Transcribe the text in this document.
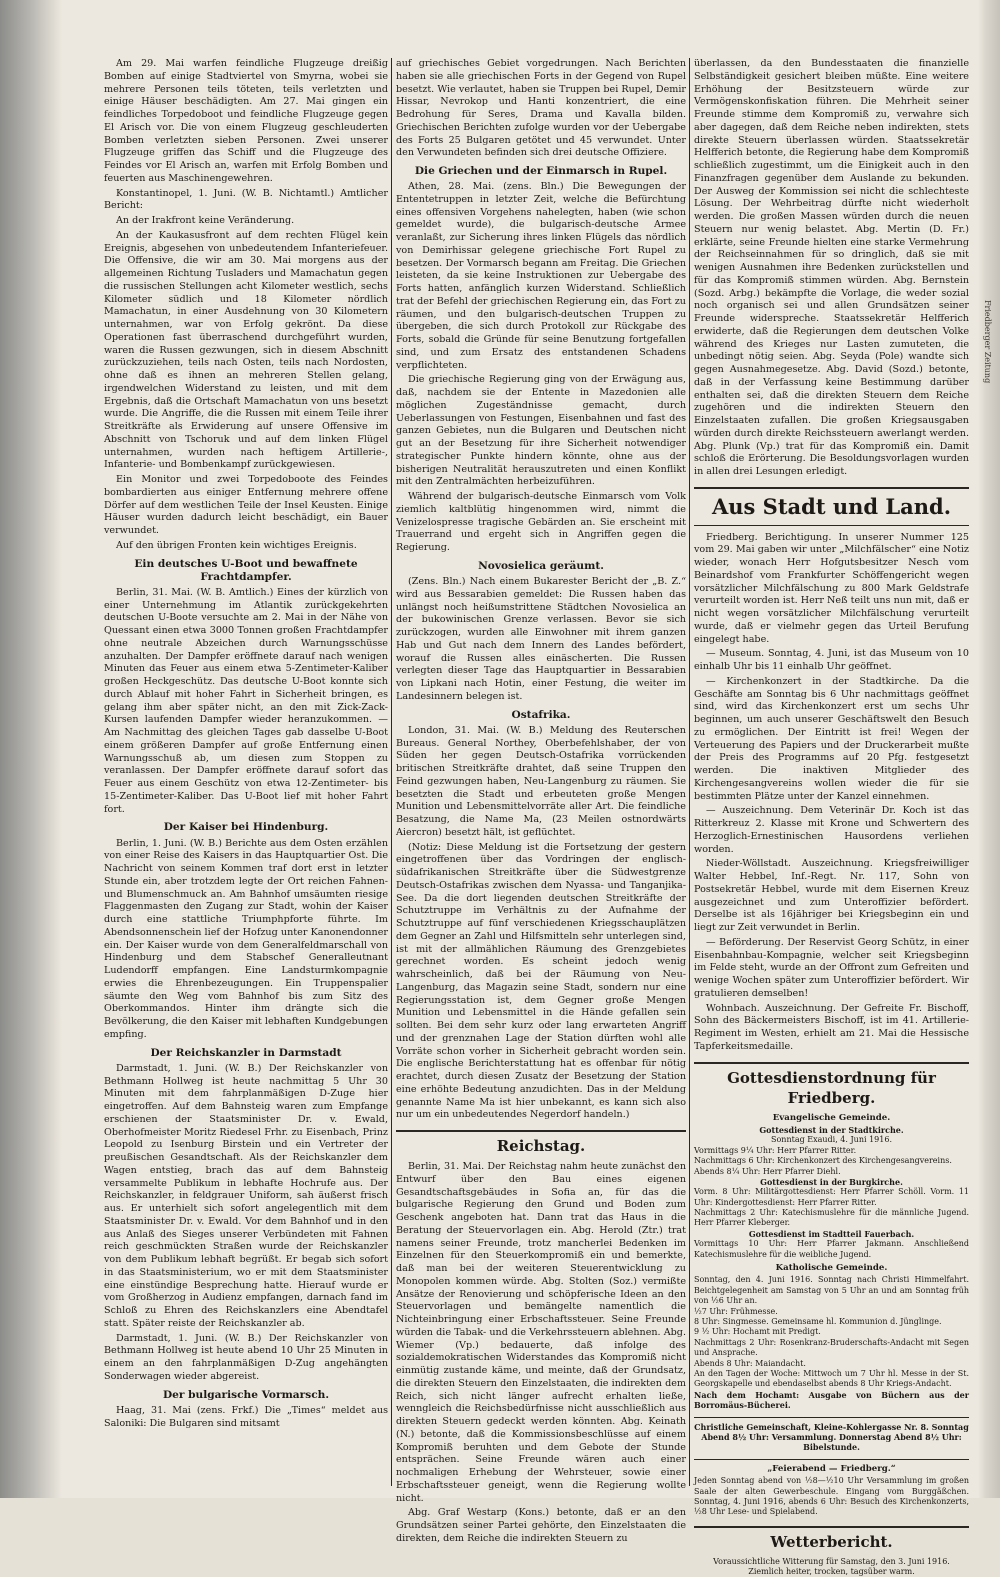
Am 29. Mai warfen feindliche Flugzeuge dreißig Bomben auf einige Stadtviertel von Smyrna, wobei sie mehrere Personen teils töteten, teils verletzten und einige Häuser beschädigten. Am 27. Mai gingen ein feindliches Torpedoboot und feindliche Flugzeuge gegen El Arisch vor. Die von einem Flugzeug geschleuderten Bomben verletzten sieben Personen. Zwei unserer Flugzeuge griffen das Schiff und die Flugzeuge des Feindes vor El Arisch an, warfen mit Erfolg Bomben und feuerten aus Maschinengewehren.

Konstantinopel, 1. Juni. (W. B. Nichtamtl.) Amtlicher Bericht:

An der Irakfront keine Veränderung.

An der Kaukasusfront auf dem rechten Flügel kein Ereignis, abgesehen von unbedeutendem Infanteriefeuer. Die Offensive, die wir am 30. Mai morgens aus der allgemeinen Richtung Tusladers und Mamachatun gegen die russischen Stellungen acht Kilometer westlich, sechs Kilometer südlich und 18 Kilometer nördlich Mamachatun, in einer Ausdehnung von 30 Kilometern unternahmen, war von Erfolg gekrönt. Da diese Operationen fast überraschend durchgeführt wurden, waren die Russen gezwungen, sich in diesem Abschnitt zurückzuziehen, teils nach Osten, teils nach Nordosten, ohne daß es ihnen an mehreren Stellen gelang, irgendwelchen Widerstand zu leisten, und mit dem Ergebnis, daß die Ortschaft Mamachatun von uns besetzt wurde. Die Angriffe, die die Russen mit einem Teile ihrer Streitkräfte als Erwiderung auf unsere Offensive im Abschnitt von Tschoruk und auf dem linken Flügel unternahmen, wurden nach heftigem Artillerie-, Infanterie- und Bombenkampf zurückgewiesen.

Ein Monitor und zwei Torpedoboote des Feindes bombardierten aus einiger Entfernung mehrere offene Dörfer auf dem westlichen Teile der Insel Keusten. Einige Häuser wurden dadurch leicht beschädigt, ein Bauer verwundet.

Auf den übrigen Fronten kein wichtiges Ereignis.

Ein deutsches U-Boot und bewaffnete Frachtdampfer.

Berlin, 31. Mai. (W. B. Amtlich.) Eines der kürzlich von einer Unternehmung im Atlantik zurückgekehrten deutschen U-Boote versuchte am 2. Mai in der Nähe von Quessant einen etwa 3000 Tonnen großen Frachtdampfer ohne neutrale Abzeichen durch Warnungsschüsse anzuhalten. Der Dampfer eröffnete darauf nach wenigen Minuten das Feuer aus einem etwa 5-Zentimeter-Kaliber großen Heckgeschütz. Das deutsche U-Boot konnte sich durch Ablauf mit hoher Fahrt in Sicherheit bringen, es gelang ihm aber später nicht, an den mit Zick-Zack-Kursen laufenden Dampfer wieder heranzukommen. — Am Nachmittag des gleichen Tages gab dasselbe U-Boot einem größeren Dampfer auf große Entfernung einen Warnungsschuß ab, um diesen zum Stoppen zu veranlassen. Der Dampfer eröffnete darauf sofort das Feuer aus einem Geschütz von etwa 12-Zentimeter- bis 15-Zentimeter-Kaliber. Das U-Boot lief mit hoher Fahrt fort.

Der Kaiser bei Hindenburg.

Berlin, 1. Juni. (W. B.) Berichte aus dem Osten erzählen von einer Reise des Kaisers in das Hauptquartier Ost. Die Nachricht von seinem Kommen traf dort erst in letzter Stunde ein, aber trotzdem legte der Ort reichen Fahnen- und Blumenschmuck an. Am Bahnhof umsäumten riesige Flaggenmasten den Zugang zur Stadt, wohin der Kaiser durch eine stattliche Triumphpforte führte. Im Abendsonnenschein lief der Hofzug unter Kanonendonner ein. Der Kaiser wurde von dem Generalfeldmarschall von Hindenburg und dem Stabschef Generalleutnant Ludendorff empfangen. Eine Landsturmkompagnie erwies die Ehrenbezeugungen. Ein Truppenspalier säumte den Weg vom Bahnhof bis zum Sitz des Oberkommandos. Hinter ihm drängte sich die Bevölkerung, die den Kaiser mit lebhaften Kundgebungen empfing.

Der Reichskanzler in Darmstadt

Darmstadt, 1. Juni. (W. B.) Der Reichskanzler von Bethmann Hollweg ist heute nachmittag 5 Uhr 30 Minuten mit dem fahrplanmäßigen D-Zuge hier eingetroffen. Auf dem Bahnsteig waren zum Empfange erschienen der Staatsminister Dr. v. Ewald, Oberhofmeister Moritz Riedesel Frhr. zu Eisenbach, Prinz Leopold zu Isenburg Birstein und ein Vertreter der preußischen Gesandtschaft. Als der Reichskanzler dem Wagen entstieg, brach das auf dem Bahnsteig versammelte Publikum in lebhafte Hochrufe aus. Der Reichskanzler, in feldgrauer Uniform, sah äußerst frisch aus. Er unterhielt sich sofort angelegentlich mit dem Staatsminister Dr. v. Ewald. Vor dem Bahnhof und in den aus Anlaß des Sieges unserer Verbündeten mit Fahnen reich geschmückten Straßen wurde der Reichskanzler von dem Publikum lebhaft begrüßt. Er begab sich sofort in das Staatsministerium, wo er mit dem Staatsminister eine einstündige Besprechung hatte. Hierauf wurde er vom Großherzog in Audienz empfangen, darnach fand im Schloß zu Ehren des Reichskanzlers eine Abendtafel statt. Später reiste der Reichskanzler ab.

Darmstadt, 1. Juni. (W. B.) Der Reichskanzler von Bethmann Hollweg ist heute abend 10 Uhr 25 Minuten in einem an den fahrplanmäßigen D-Zug angehängten Sonderwagen wieder abgereist.

Der bulgarische Vormarsch.

Haag, 31. Mai (zens. Frkf.) Die „Times“ meldet aus Saloniki: Die Bulgaren sind mitsamt

auf griechisches Gebiet vorgedrungen. Nach Berichten haben sie alle griechischen Forts in der Gegend von Rupel besetzt. Wie verlautet, haben sie Truppen bei Rupel, Demir Hissar, Nevrokop und Hanti konzentriert, die eine Bedrohung für Seres, Drama und Kavalla bilden. Griechischen Berichten zufolge wurden vor der Uebergabe des Forts 25 Bulgaren getötet und 45 verwundet. Unter den Verwundeten befinden sich drei deutsche Offiziere.

Die Griechen und der Einmarsch in Rupel.

Athen, 28. Mai. (zens. Bln.) Die Bewegungen der Ententetruppen in letzter Zeit, welche die Befürchtung eines offensiven Vorgehens nahelegten, haben (wie schon gemeldet wurde), die bulgarisch-deutsche Armee veranlaßt, zur Sicherung ihres linken Flügels das nördlich von Demirhissar gelegene griechische Fort Rupel zu besetzen. Der Vormarsch begann am Freitag. Die Griechen leisteten, da sie keine Instruktionen zur Uebergabe des Forts hatten, anfänglich kurzen Widerstand. Schließlich trat der Befehl der griechischen Regierung ein, das Fort zu räumen, und den bulgarisch-deutschen Truppen zu übergeben, die sich durch Protokoll zur Rückgabe des Forts, sobald die Gründe für seine Benutzung fortgefallen sind, und zum Ersatz des entstandenen Schadens verpflichteten.

Die griechische Regierung ging von der Erwägung aus, daß, nachdem sie der Entente in Mazedonien alle möglichen Zugeständnisse gemacht, durch Ueberlassungen von Festungen, Eisenbahnen und fast des ganzen Gebietes, nun die Bulgaren und Deutschen nicht gut an der Besetzung für ihre Sicherheit notwendiger strategischer Punkte hindern könnte, ohne aus der bisherigen Neutralität herauszutreten und einen Konflikt mit den Zentralmächten herbeizuführen.

Während der bulgarisch-deutsche Einmarsch vom Volk ziemlich kaltblütig hingenommen wird, nimmt die Venizelospresse tragische Gebärden an. Sie erscheint mit Trauerrand und ergeht sich in Angriffen gegen die Regierung.

Novosielica geräumt.

(Zens. Bln.) Nach einem Bukarester Bericht der „B. Z.“ wird aus Bessarabien gemeldet: Die Russen haben das unlängst noch heißumstrittene Städtchen Novosielica an der bukowinischen Grenze verlassen. Bevor sie sich zurückzogen, wurden alle Einwohner mit ihrem ganzen Hab und Gut nach dem Innern des Landes befördert, worauf die Russen alles einäscherten. Die Russen verlegten dieser Tage das Hauptquartier in Bessarabien von Lipkani nach Hotin, einer Festung, die weiter im Landesinnern belegen ist.

Ostafrika.

London, 31. Mai. (W. B.) Meldung des Reuterschen Bureaus. General Northey, Oberbefehlshaber, der von Süden her gegen Deutsch-Ostafrika vorrückenden britischen Streitkräfte drahtet, daß seine Truppen den Feind gezwungen haben, Neu-Langenburg zu räumen. Sie besetzten die Stadt und erbeuteten große Mengen Munition und Lebensmittelvorräte aller Art. Die feindliche Besatzung, die Name Ma, (23 Meilen ostnordwärts Aiercron) besetzt hält, ist geflüchtet.

(Notiz: Diese Meldung ist die Fortsetzung der gestern eingetroffenen über das Vordringen der englisch-südafrikanischen Streitkräfte über die Südwestgrenze Deutsch-Ostafrikas zwischen dem Nyassa- und Tanganjika-See. Da die dort liegenden deutschen Streitkräfte der Schutztruppe im Verhältnis zu der Aufnahme der Schutztruppe auf fünf verschiedenen Kriegsschauplätzen dem Gegner an Zahl und Hilfsmitteln sehr unterlegen sind, ist mit der allmählichen Räumung des Grenzgebietes gerechnet worden. Es scheint jedoch wenig wahrscheinlich, daß bei der Räumung von Neu-Langenburg, das Magazin seine Stadt, sondern nur eine Regierungsstation ist, dem Gegner große Mengen Munition und Lebensmittel in die Hände gefallen sein sollten. Bei dem sehr kurz oder lang erwarteten Angriff und der grenznahen Lage der Station dürften wohl alle Vorräte schon vorher in Sicherheit gebracht worden sein. Die englische Berichterstattung hat es offenbar für nötig erachtet, durch diesen Zusatz der Besetzung der Station eine erhöhte Bedeutung anzudichten. Das in der Meldung genannte Name Ma ist hier unbekannt, es kann sich also nur um ein unbedeutendes Negerdorf handeln.)

Reichstag.

Berlin, 31. Mai. Der Reichstag nahm heute zunächst den Entwurf über den Bau eines eigenen Gesandtschaftsgebäudes in Sofia an, für das die bulgarische Regierung den Grund und Boden zum Geschenk angeboten hat. Dann trat das Haus in die Beratung der Steuervorlagen ein. Abg. Herold (Ztr.) trat namens seiner Freunde, trotz mancherlei Bedenken im Einzelnen für den Steuerkompromiß ein und bemerkte, daß man bei der weiteren Steuerentwicklung zu Monopolen kommen würde. Abg. Stolten (Soz.) vermißte Ansätze der Renovierung und schöpferische Ideen an den Steuervorlagen und bemängelte namentlich die Nichteinbringung einer Erbschaftssteuer. Seine Freunde würden die Tabak- und die Verkehrssteuern ablehnen. Abg. Wiemer (Vp.) bedauerte, daß infolge des sozialdemokratischen Widerstandes das Kompromiß nicht einmütig zustande käme, und meinte, daß der Grundsatz, die direkten Steuern den Einzelstaaten, die indirekten dem Reich, sich nicht länger aufrecht erhalten ließe, wenngleich die Reichsbedürfnisse nicht ausschließlich aus direkten Steuern gedeckt werden könnten. Abg. Keinath (N.) betonte, daß die Kommissionsbeschlüsse auf einem Kompromiß beruhten und dem Gebote der Stunde entsprächen. Seine Freunde wären auch einer nochmaligen Erhebung der Wehrsteuer, sowie einer Erbschaftssteuer geneigt, wenn die Regierung wollte nicht.

Abg. Graf Westarp (Kons.) betonte, daß er an den Grundsätzen seiner Partei gehörte, den Einzelstaaten die direkten, dem Reiche die indirekten Steuern zu

überlassen, da den Bundesstaaten die finanzielle Selbständigkeit gesichert bleiben müßte. Eine weitere Erhöhung der Besitzsteuern würde zur Vermögenskonfiskation führen. Die Mehrheit seiner Freunde stimme dem Kompromiß zu, verwahre sich aber dagegen, daß dem Reiche neben indirekten, stets direkte Steuern überlassen würden. Staatssekretär Helfferich betonte, die Regierung habe dem Kompromiß schließlich zugestimmt, um die Einigkeit auch in den Finanzfragen gegenüber dem Auslande zu bekunden. Der Ausweg der Kommission sei nicht die schlechteste Lösung. Der Wehrbeitrag dürfte nicht wiederholt werden. Die großen Massen würden durch die neuen Steuern nur wenig belastet. Abg. Mertin (D. Fr.) erklärte, seine Freunde hielten eine starke Vermehrung der Reichseinnahmen für so dringlich, daß sie mit wenigen Ausnahmen ihre Bedenken zurückstellen und für das Kompromiß stimmen würden. Abg. Bernstein (Sozd. Arbg.) bekämpfte die Vorlage, die weder sozial noch organisch sei und allen Grundsätzen seiner Freunde widerspreche. Staatssekretär Helfferich erwiderte, daß die Regierungen dem deutschen Volke während des Krieges nur Lasten zumuteten, die unbedingt nötig seien. Abg. Seyda (Pole) wandte sich gegen Ausnahmegesetze. Abg. David (Sozd.) betonte, daß in der Verfassung keine Bestimmung darüber enthalten sei, daß die direkten Steuern dem Reiche zugehören und die indirekten Steuern den Einzelstaaten zufallen. Die großen Kriegsausgaben würden durch direkte Reichssteuern awerlangt werden. Abg. Plunk (Vp.) trat für das Kompromiß ein. Damit schloß die Erörterung. Die Besoldungsvorlagen wurden in allen drei Lesungen erledigt.

Aus Stadt und Land.

Friedberg. Berichtigung. In unserer Nummer 125 vom 29. Mai gaben wir unter „Milchfälscher“ eine Notiz wieder, wonach Herr Hofgutsbesitzer Nesch vom Beinardshof vom Frankfurter Schöffengericht wegen vorsätzlicher Milchfälschung zu 800 Mark Geldstrafe verurteilt worden ist. Herr Neß teilt uns nun mit, daß er nicht wegen vorsätzlicher Milchfälschung verurteilt wurde, daß er vielmehr gegen das Urteil Berufung eingelegt habe.

— Museum. Sonntag, 4. Juni, ist das Museum von 10 einhalb Uhr bis 11 einhalb Uhr geöffnet.

— Kirchenkonzert in der Stadtkirche. Da die Geschäfte am Sonntag bis 6 Uhr nachmittags geöffnet sind, wird das Kirchenkonzert erst um sechs Uhr beginnen, um auch unserer Geschäftswelt den Besuch zu ermöglichen. Der Eintritt ist frei! Wegen der Verteuerung des Papiers und der Druckerarbeit mußte der Preis des Programms auf 20 Pfg. festgesetzt werden. Die inaktiven Mitglieder des Kirchengesangvereins wollen wieder die für sie bestimmten Plätze unter der Kanzel einnehmen.

— Auszeichnung. Dem Veterinär Dr. Koch ist das Ritterkreuz 2. Klasse mit Krone und Schwertern des Herzoglich-Ernestinischen Hausordens verliehen worden.

Nieder-Wöllstadt. Auszeichnung. Kriegsfreiwilliger Walter Hebbel, Inf.-Regt. Nr. 117, Sohn von Postsekretär Hebbel, wurde mit dem Eisernen Kreuz ausgezeichnet und zum Unteroffizier befördert. Derselbe ist als 16jähriger bei Kriegsbeginn ein und liegt zur Zeit verwundet in Berlin.

— Beförderung. Der Reservist Georg Schütz, in einer Eisenbahnbau-Kompagnie, welcher seit Kriegsbeginn im Felde steht, wurde an der Offront zum Gefreiten und wenige Wochen später zum Unteroffizier befördert. Wir gratulieren demselben!

Wohnbach. Auszeichnung. Der Gefreite Fr. Bischoff, Sohn des Bäckermeisters Bischoff, ist im 41. Artillerie-Regiment im Westen, erhielt am 21. Mai die Hessische Tapferkeitsmedaille.

Gottesdienstordnung für Friedberg.
Evangelische Gemeinde.
Gottesdienst in der Stadtkirche.
Sonntag Exaudi, 4. Juni 1916.
Vormittags 9¼ Uhr: Herr Pfarrer Ritter.
Nachmittags 6 Uhr: Kirchenkonzert des Kirchengesangvereins.
Abends 8¼ Uhr: Herr Pfarrer Diehl.
Gottesdienst in der Burgkirche.
Vorm. 8 Uhr: Militärgottesdienst: Herr Pfarrer Schöll. Vorm. 11 Uhr: Kindergottesdienst: Herr Pfarrer Ritter.
Nachmittags 2 Uhr: Katechismuslehre für die männliche Jugend. Herr Pfarrer Kleberger.
Gottesdienst im Stadtteil Fauerbach.
Vormittags 10 Uhr: Herr Pfarrer Jakmann. Anschließend Katechismuslehre für die weibliche Jugend.
Katholische Gemeinde.
Sonntag, den 4. Juni 1916. Sonntag nach Christi Himmelfahrt. Beichtgelegenheit am Samstag von 5 Uhr an und am Sonntag früh von ½6 Uhr an.
½7 Uhr: Frühmesse.
8 Uhr: Singmesse. Gemeinsame hl. Kommunion d. Jünglinge.
9 ½ Uhr: Hochamt mit Predigt.
Nachmittags 2 Uhr: Rosenkranz-Bruderschafts-Andacht mit Segen und Ansprache.
Abends 8 Uhr: Maiandacht.
An den Tagen der Woche: Mittwoch um 7 Uhr hl. Messe in der St. Georgskapelle und ebendaselbst abends 8 Uhr Kriegs-Andacht.
Nach dem Hochamt: Ausgabe von Büchern aus der Borromäus-Bücherei.
Christliche Gemeinschaft, Kleine-Kohlergasse Nr. 8. Sonntag Abend 8½ Uhr: Versammlung. Donnerstag Abend 8½ Uhr: Bibelstunde.
„Feierabend — Friedberg.“
Jeden Sonntag abend von ½8—½10 Uhr Versammlung im großen Saale der alten Gewerbeschule. Eingang vom Burggäßchen. Sonntag, 4. Juni 1916, abends 6 Uhr: Besuch des Kirchenkonzerts, ½8 Uhr Lese- und Spielabend.
Wetterbericht.
Voraussichtliche Witterung für Samstag, den 3. Juni 1916.
Ziemlich heiter, trocken, tagsüber warm.
Friedberger Zeitung
